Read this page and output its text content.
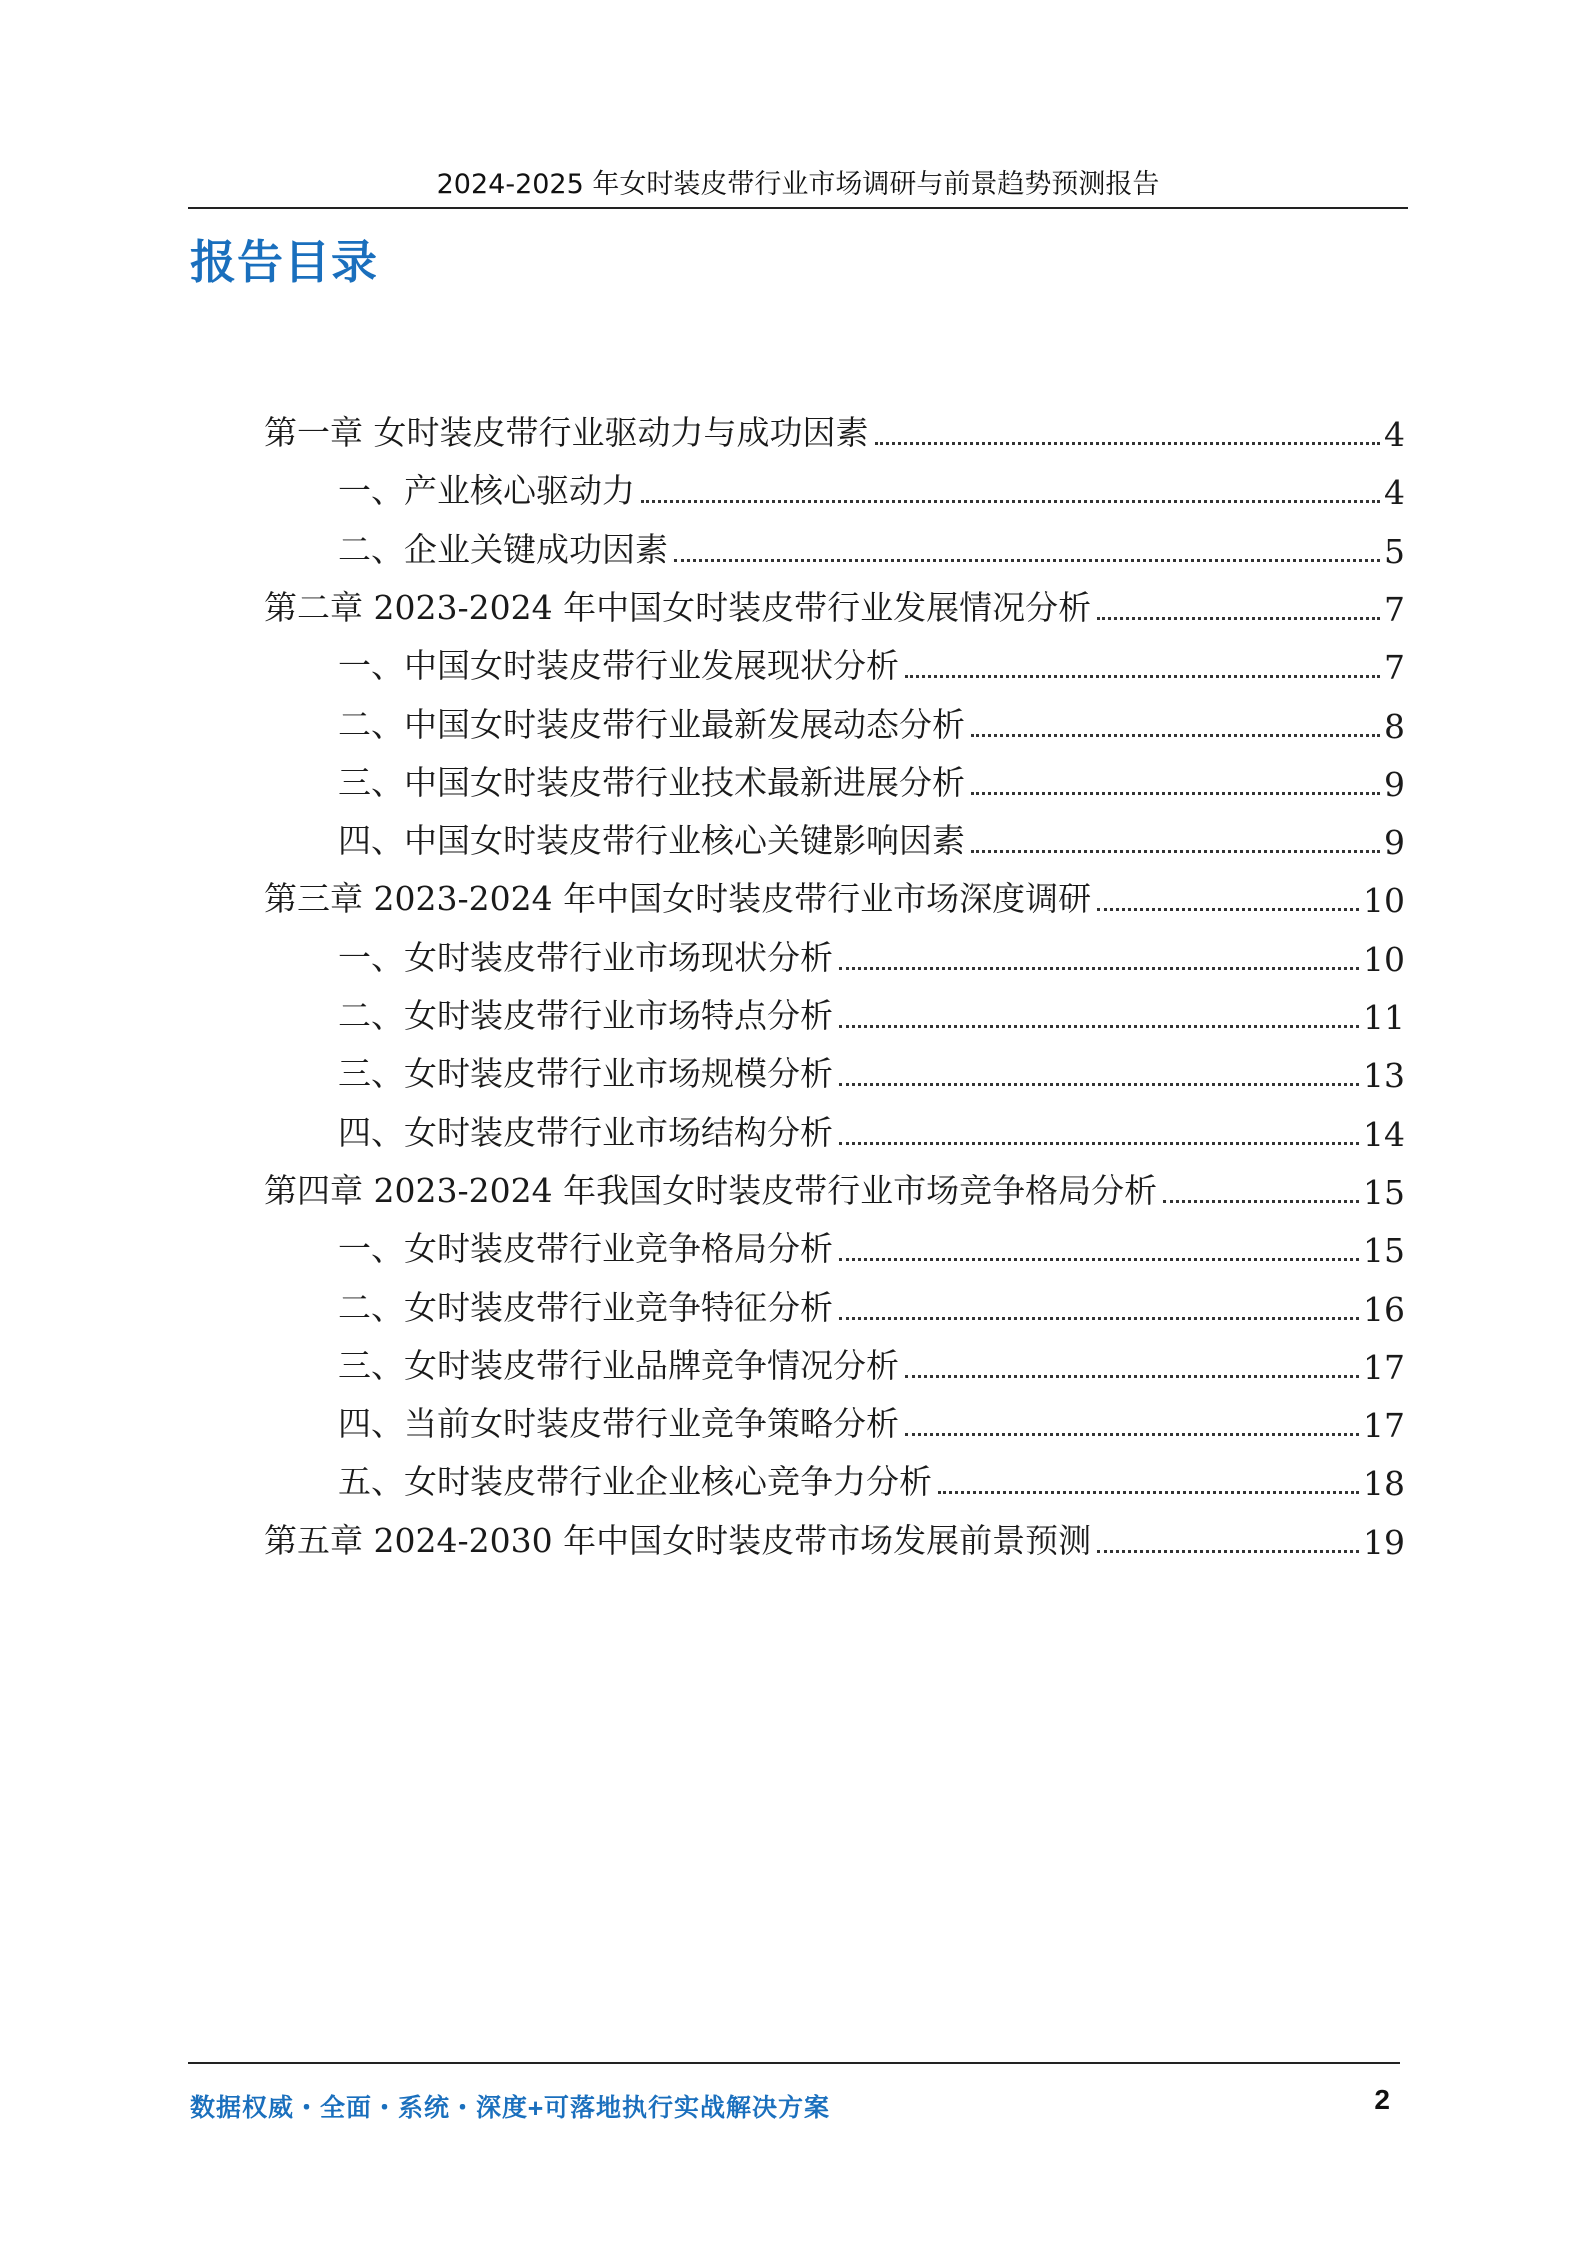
2024-2025 年女时装皮带行业市场调研与前景趋势预测报告
报告目录
第一章 女时装皮带行业驱动力与成功因素	4
一、产业核心驱动力	4
二、企业关键成功因素	5
第二章 2023-2024 年中国女时装皮带行业发展情况分析	7
一、中国女时装皮带行业发展现状分析	7
二、中国女时装皮带行业最新发展动态分析	8
三、中国女时装皮带行业技术最新进展分析	9
四、中国女时装皮带行业核心关键影响因素	9
第三章 2023-2024 年中国女时装皮带行业市场深度调研	10
一、女时装皮带行业市场现状分析	10
二、女时装皮带行业市场特点分析	11
三、女时装皮带行业市场规模分析	13
四、女时装皮带行业市场结构分析	14
第四章 2023-2024 年我国女时装皮带行业市场竞争格局分析	15
一、女时装皮带行业竞争格局分析	15
二、女时装皮带行业竞争特征分析	16
三、女时装皮带行业品牌竞争情况分析	17
四、当前女时装皮带行业竞争策略分析	17
五、女时装皮带行业企业核心竞争力分析	18
第五章 2024-2030 年中国女时装皮带市场发展前景预测	19
数据权威・全面・系统・深度+可落地执行实战解决方案	2
